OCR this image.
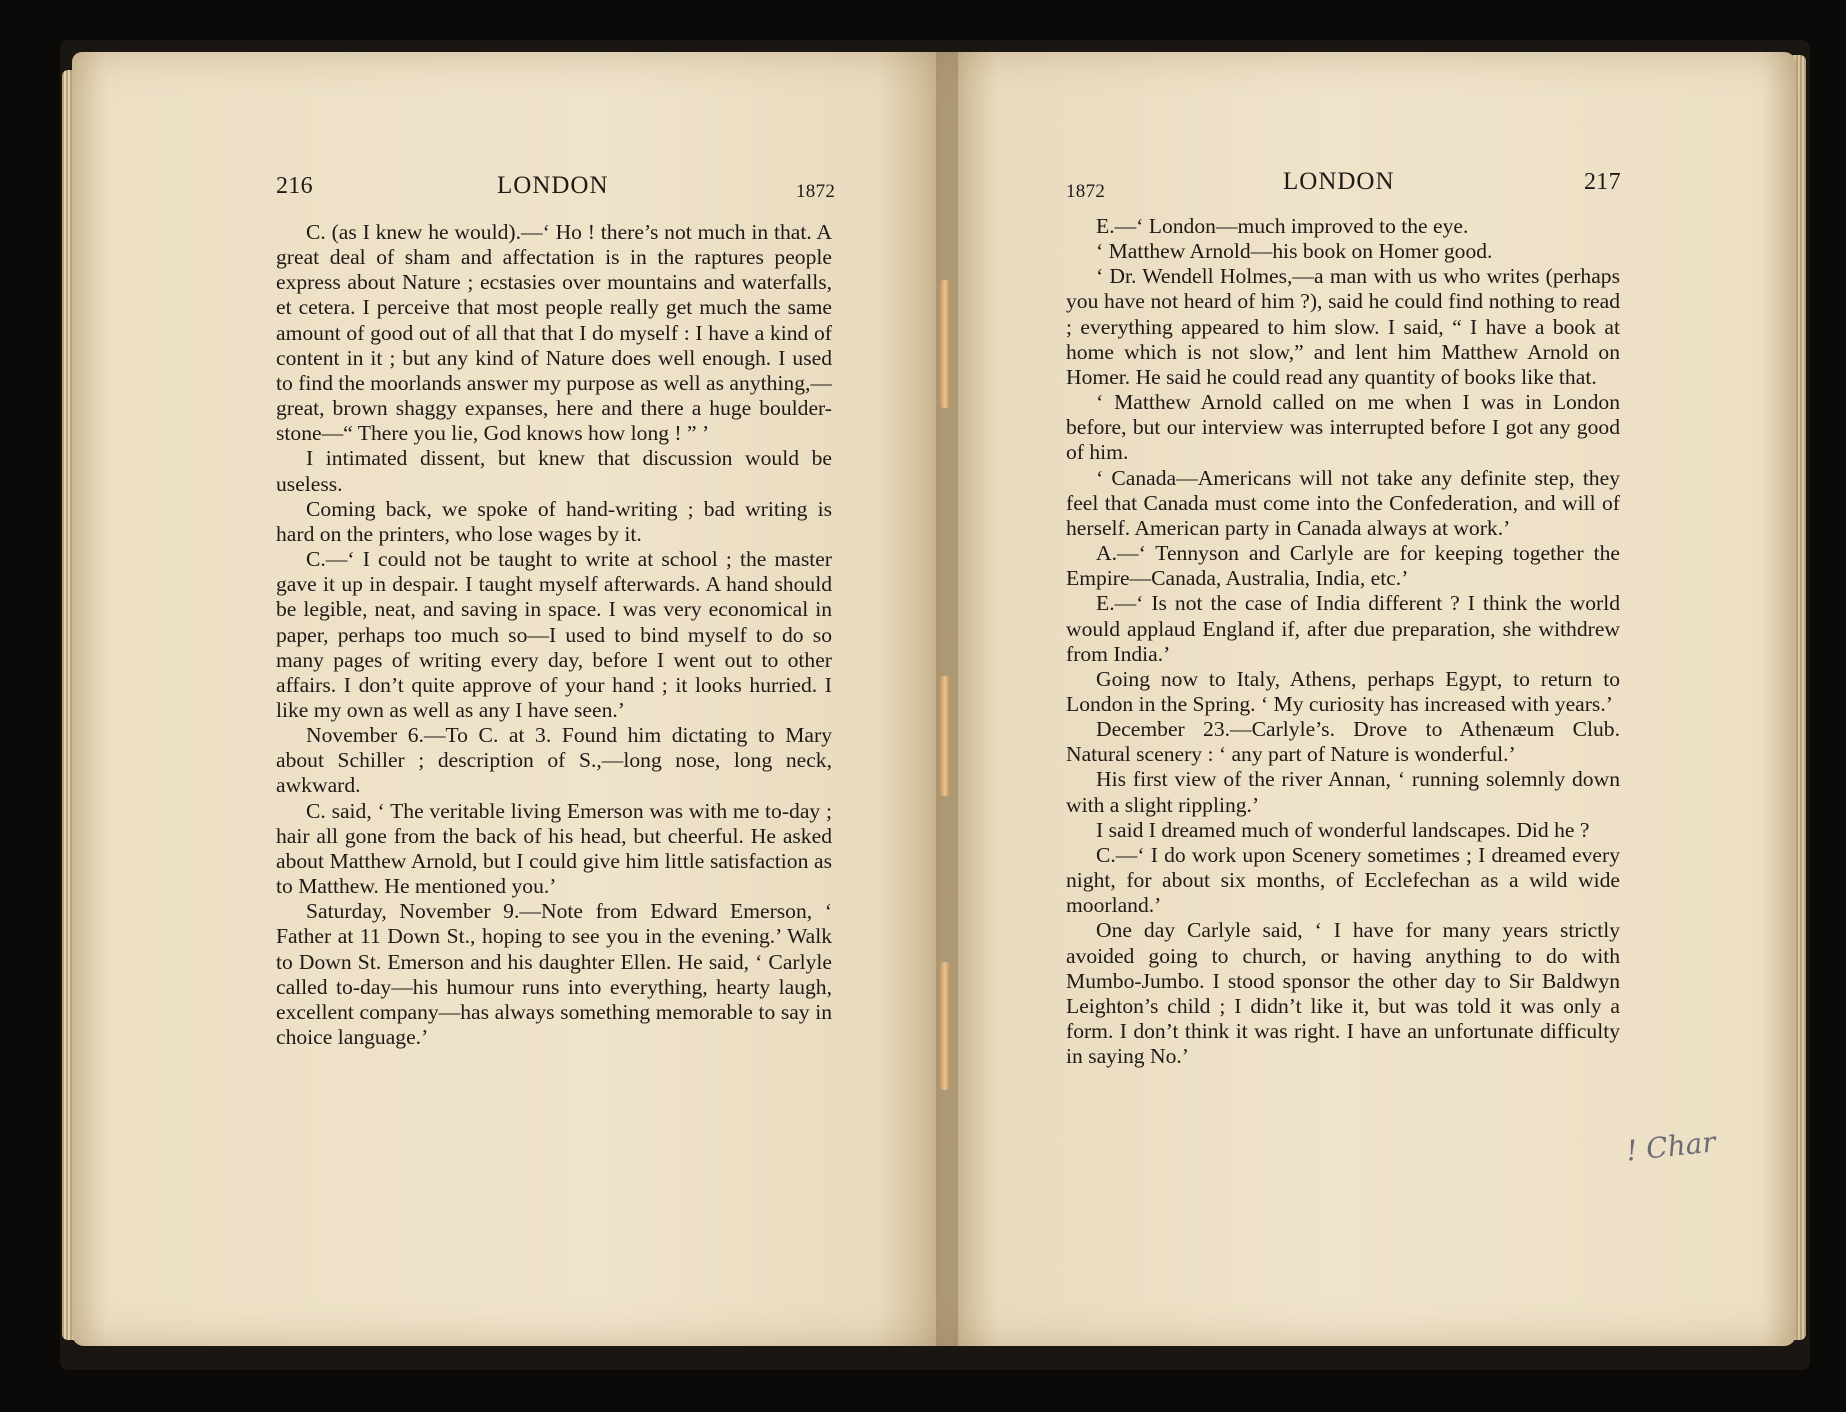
216	LONDON	1872	1872	LONDON	217

C. (as I knew he would).—‘ Ho ! there’s not much in that. A great deal of sham and affectation is in the raptures people express about Nature ; ecstasies over mountains and waterfalls, et cetera. I perceive that most people really get much the same amount of good out of all that that I do myself : I have a kind of content in it ; but any kind of Nature does well enough. I used to find the moorlands answer my purpose as well as anything,—great, brown shaggy expanses, here and there a huge boulder-stone—“ There you lie, God knows how long ! ” ’

I intimated dissent, but knew that discussion would be useless.

Coming back, we spoke of hand-writing ; bad writing is hard on the printers, who lose wages by it.

C.—‘ I could not be taught to write at school ; the master gave it up in despair. I taught myself afterwards. A hand should be legible, neat, and saving in space. I was very economical in paper, perhaps too much so—I used to bind myself to do so many pages of writing every day, before I went out to other affairs. I don’t quite approve of your hand ; it looks hurried. I like my own as well as any I have seen.’

November 6.—To C. at 3. Found him dictating to Mary about Schiller ; description of S.,—long nose, long neck, awkward.

C. said, ‘ The veritable living Emerson was with me to-day ; hair all gone from the back of his head, but cheerful. He asked about Matthew Arnold, but I could give him little satisfaction as to Matthew. He mentioned you.’

Saturday, November 9.—Note from Edward Emerson, ‘ Father at 11 Down St., hoping to see you in the evening.’ Walk to Down St. Emerson and his daughter Ellen. He said, ‘ Carlyle called to-day—his humour runs into everything, hearty laugh, excellent company—has always something memorable to say in choice language.’

E.—‘ London—much improved to the eye.

‘ Matthew Arnold—his book on Homer good.

‘ Dr. Wendell Holmes,—a man with us who writes (perhaps you have not heard of him ?), said he could find nothing to read ; everything appeared to him slow. I said, “ I have a book at home which is not slow,” and lent him Matthew Arnold on Homer. He said he could read any quantity of books like that.

‘ Matthew Arnold called on me when I was in London before, but our interview was interrupted before I got any good of him.

‘ Canada—Americans will not take any definite step, they feel that Canada must come into the Confederation, and will of herself. American party in Canada always at work.’

A.—‘ Tennyson and Carlyle are for keeping together the Empire—Canada, Australia, India, etc.’

E.—‘ Is not the case of India different ? I think the world would applaud England if, after due preparation, she withdrew from India.’

Going now to Italy, Athens, perhaps Egypt, to return to London in the Spring. ‘ My curiosity has increased with years.’

December 23.—Carlyle’s. Drove to Athenæum Club. Natural scenery : ‘ any part of Nature is wonderful.’

His first view of the river Annan, ‘ running solemnly down with a slight rippling.’

I said I dreamed much of wonderful landscapes. Did he ?

C.—‘ I do work upon Scenery sometimes ; I dreamed every night, for about six months, of Ecclefechan as a wild wide moorland.’

One day Carlyle said, ‘ I have for many years strictly avoided going to church, or having anything to do with Mumbo-Jumbo. I stood sponsor the other day to Sir Baldwyn Leighton’s child ; I didn’t like it, but was told it was only a form. I don’t think it was right. I have an unfortunate difficulty in saying No.’

! Char
